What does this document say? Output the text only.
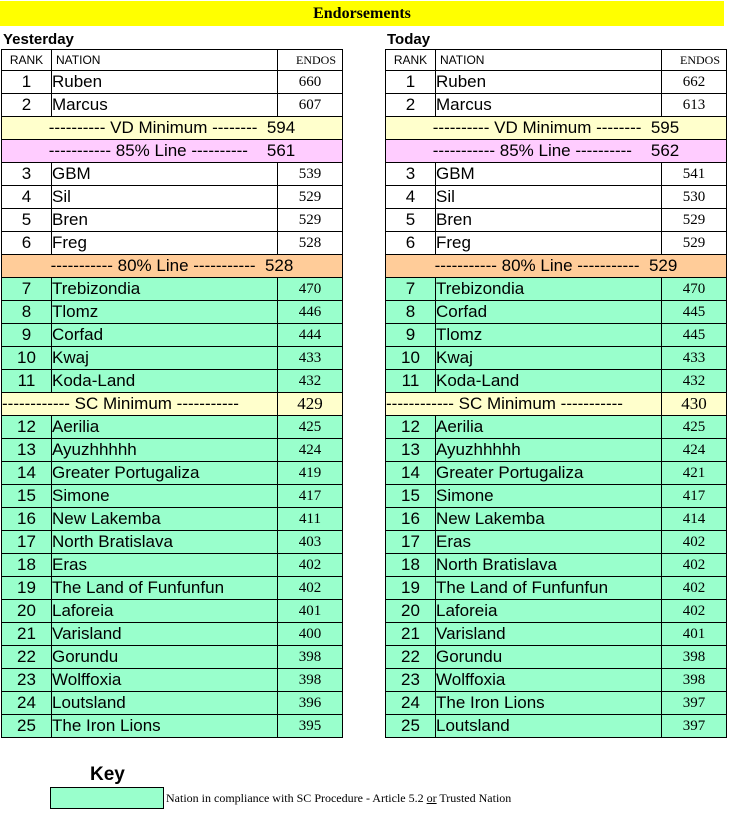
Endorsements
Yesterday
RANK	NATION	ENDOS
1	Ruben	660
2	Marcus	607
---------- VD Minimum --------  594		
----------- 85% Line ----------    561		
3	GBM	539
4	Sil	529
5	Bren	529
6	Freg	528
----------- 80% Line -----------  528		
7	Trebizondia	470
8	Tlomz	446
9	Corfad	444
10	Kwaj	433
11	Koda-Land	432
------------ SC Minimum -----------		429
12	Aerilia	425
13	Ayuzhhhhh	424
14	Greater Portugaliza	419
15	Simone	417
16	New Lakemba	411
17	North Bratislava	403
18	Eras	402
19	The Land of Funfunfun	402
20	Laforeia	401
21	Varisland	400
22	Gorundu	398
23	Wolffoxia	398
24	Loutsland	396
25	The Iron Lions	395
Today
RANK	NATION	ENDOS
1	Ruben	662
2	Marcus	613
---------- VD Minimum --------  595		
----------- 85% Line ----------    562		
3	GBM	541
4	Sil	530
5	Bren	529
6	Freg	529
----------- 80% Line -----------  529		
7	Trebizondia	470
8	Corfad	445
9	Tlomz	445
10	Kwaj	433
11	Koda-Land	432
------------ SC Minimum -----------		430
12	Aerilia	425
13	Ayuzhhhhh	424
14	Greater Portugaliza	421
15	Simone	417
16	New Lakemba	414
17	Eras	402
18	North Bratislava	402
19	The Land of Funfunfun	402
20	Laforeia	402
21	Varisland	401
22	Gorundu	398
23	Wolffoxia	398
24	The Iron Lions	397
25	Loutsland	397
Key
Nation in compliance with SC Procedure - Article 5.2 or Trusted Nation
